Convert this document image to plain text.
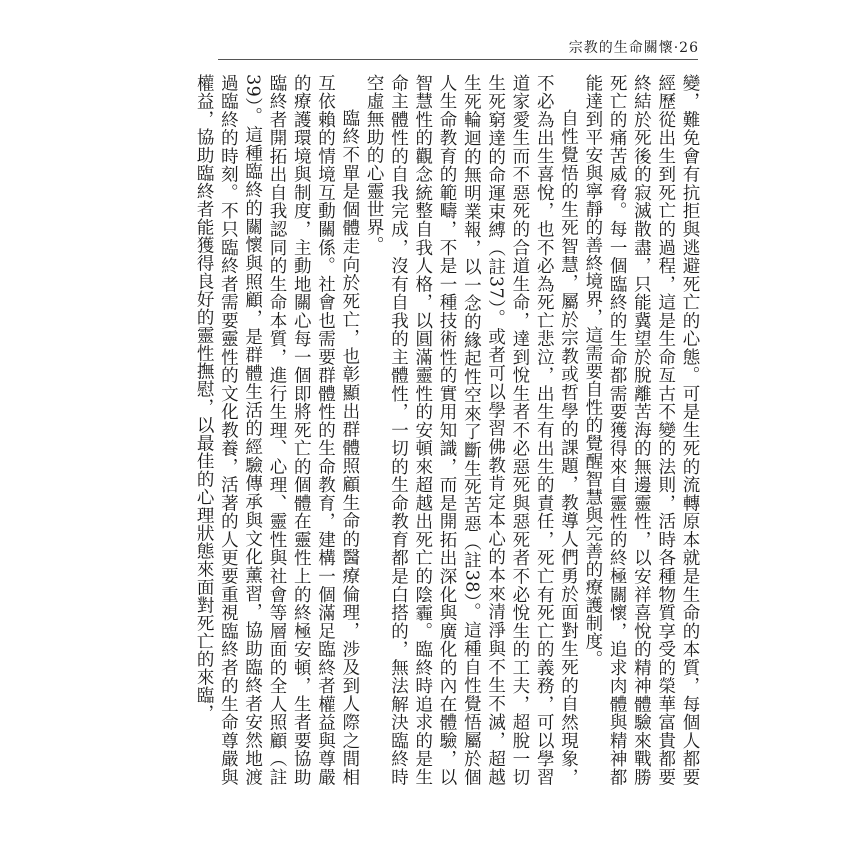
宗教的生命關懷·26

變，難免會有抗拒與逃避死亡的心態。可是生死的流轉原本就是生命的本質，每個人都要經歷從出生到死亡的過程，這是生命亙古不變的法則，活時各種物質享受的榮華富貴都要終結於死後的寂滅散盡，只能冀望於脫離苦海的無邊靈性，以安祥喜悅的精神體驗來戰勝死亡的痛苦威脅。每一個臨終的生命都需要獲得來自靈性的終極關懷，追求肉體與精神都能達到平安與寧靜的善終境界，這需要自性的覺醒智慧與完善的療護制度。

自性覺悟的生死智慧，屬於宗教或哲學的課題，教導人們勇於面對生死的自然現象，不必為出生喜悅，也不必為死亡悲泣，出生有出生的責任，死亡有死亡的義務，可以學習道家愛生而不惡死的合道生命，達到悅生者不必惡死與惡死者不必悅生的工夫，超脫一切生死窮達的命運束縛（註37）。或者可以學習佛教肯定本心的本來清淨與不生不滅，超越生死輪迴的無明業報，以一念的緣起性空來了斷生死苦惡（註38）。這種自性覺悟屬於個人生命教育的範疇，不是一種技術性的實用知識，而是開拓出深化與廣化的內在體驗，以智慧性的觀念統整自我人格，以圓滿靈性的安頓來超越出死亡的陰霾。臨終時追求的是生命主體性的自我完成，沒有自我的主體性，一切的生命教育都是白搭的，無法解決臨終時空虛無助的心靈世界。

臨終不單是個體走向於死亡，也彰顯出群體照顧生命的醫療倫理，涉及到人際之間相互依賴的情境互動關係。社會也需要群體性的生命教育，建構一個滿足臨終者權益與尊嚴的療護環境與制度，主動地關心每一個即將死亡的個體在靈性上的終極安頓，生者要協助臨終者開拓出自我認同的生命本質，進行生理、心理、靈性與社會等層面的全人照顧（註39）。這種臨終的關懷與照顧，是群體生活的經驗傳承與文化薰習，協助臨終者安然地渡過臨終的時刻。不只臨終者需要靈性的文化教養，活著的人更要重視臨終者的生命尊嚴與權益，協助臨終者能獲得良好的靈性撫慰，以最佳的心理狀態來面對死亡的來臨，
